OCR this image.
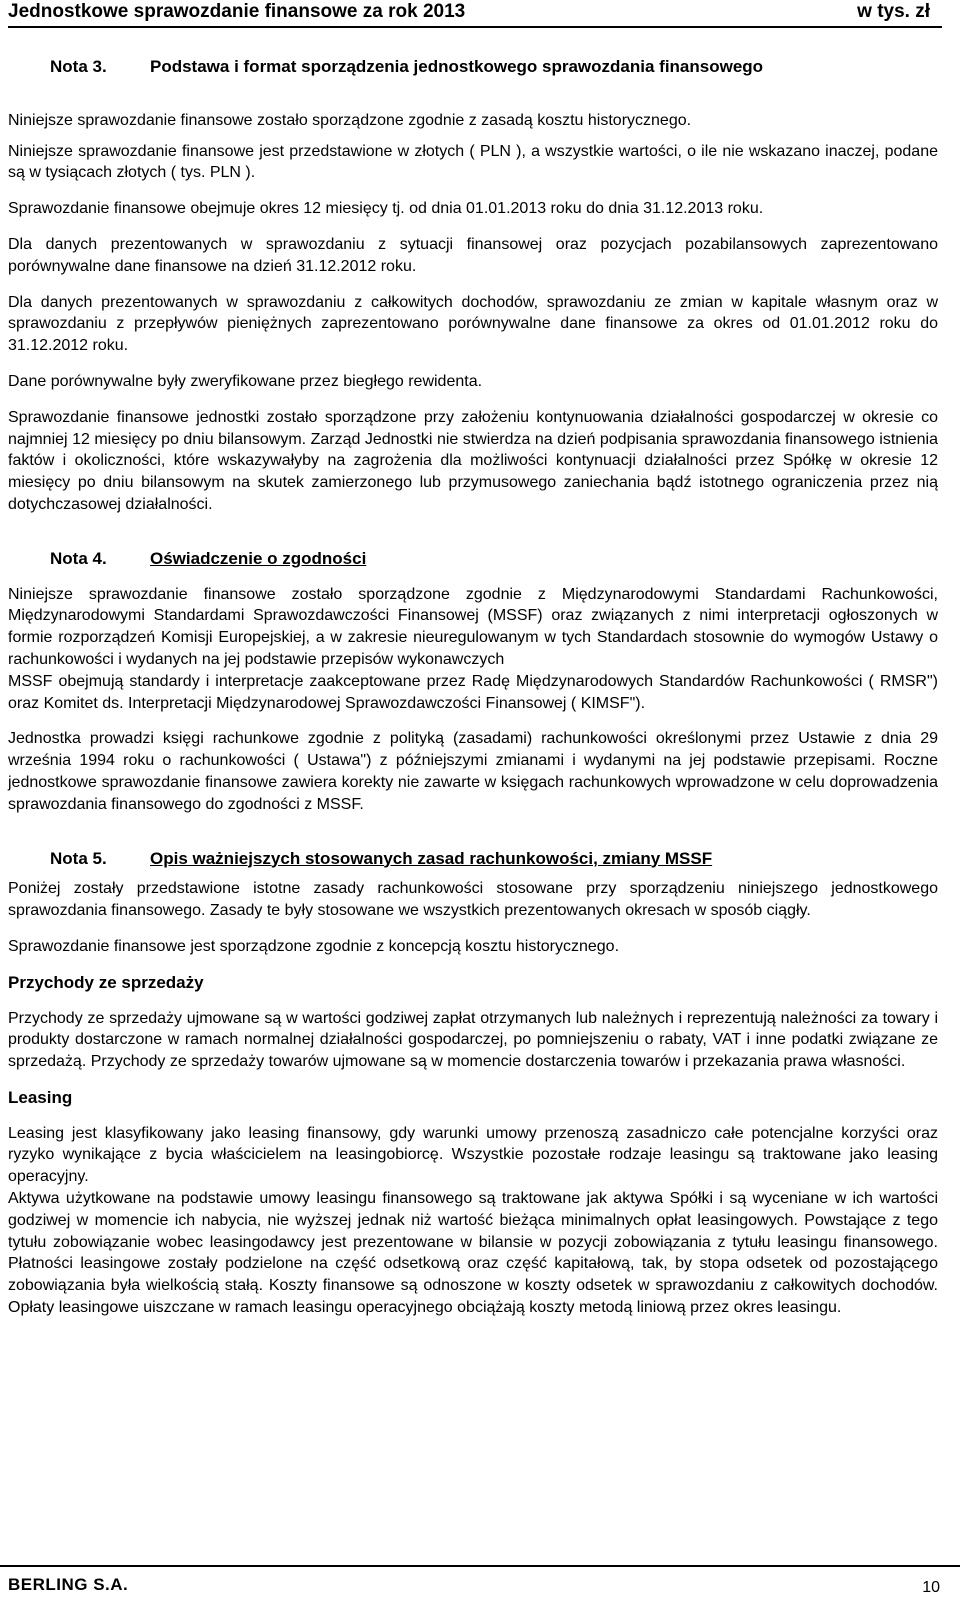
Jednostkowe sprawozdanie finansowe za rok 2013	w tys. zł
Nota 3.	Podstawa i format sporządzenia jednostkowego sprawozdania finansowego

Niniejsze sprawozdanie finansowe zostało sporządzone zgodnie z zasadą kosztu historycznego.

Niniejsze sprawozdanie finansowe jest przedstawione w złotych ( PLN ), a wszystkie wartości, o ile nie wskazano inaczej, podane są w tysiącach złotych ( tys. PLN ).

Sprawozdanie finansowe obejmuje okres 12 miesięcy tj. od dnia 01.01.2013 roku do dnia 31.12.2013 roku.

Dla danych prezentowanych w sprawozdaniu z sytuacji finansowej oraz pozycjach pozabilansowych zaprezentowano porównywalne dane finansowe na dzień 31.12.2012 roku.

Dla danych prezentowanych w sprawozdaniu z całkowitych dochodów, sprawozdaniu ze zmian w kapitale własnym oraz w sprawozdaniu z przepływów pieniężnych zaprezentowano porównywalne dane finansowe za okres od 01.01.2012 roku do 31.12.2012 roku.

Dane porównywalne były zweryfikowane przez biegłego rewidenta.

Sprawozdanie finansowe jednostki zostało sporządzone przy założeniu kontynuowania działalności gospodarczej w okresie co najmniej 12 miesięcy po dniu bilansowym. Zarząd Jednostki nie stwierdza na dzień podpisania sprawozdania finansowego istnienia faktów i okoliczności, które wskazywałyby na zagrożenia dla możliwości kontynuacji działalności przez Spółkę w okresie 12 miesięcy po dniu bilansowym na skutek zamierzonego lub przymusowego zaniechania bądź istotnego ograniczenia przez nią dotychczasowej działalności.

Nota 4.	Oświadczenie o zgodności

Niniejsze sprawozdanie finansowe zostało sporządzone zgodnie z Międzynarodowymi Standardami Rachunkowości, Międzynarodowymi Standardami Sprawozdawczości Finansowej (MSSF) oraz związanych z nimi interpretacji ogłoszonych w formie rozporządzeń Komisji Europejskiej, a w zakresie nieuregulowanym w tych Standardach stosownie do wymogów Ustawy o rachunkowości i wydanych na jej podstawie przepisów wykonawczych

MSSF obejmują standardy i interpretacje zaakceptowane przez Radę Międzynarodowych Standardów Rachunkowości ( RMSR") oraz Komitet ds. Interpretacji Międzynarodowej Sprawozdawczości Finansowej ( KIMSF").

Jednostka prowadzi księgi rachunkowe zgodnie z polityką (zasadami) rachunkowości określonymi przez Ustawie z dnia 29 września 1994 roku o rachunkowości ( Ustawa") z późniejszymi zmianami i wydanymi na jej podstawie przepisami. Roczne jednostkowe sprawozdanie finansowe zawiera korekty nie zawarte w księgach rachunkowych wprowadzone w celu doprowadzenia sprawozdania finansowego do zgodności z MSSF.

Nota 5.	Opis ważniejszych stosowanych zasad rachunkowości, zmiany MSSF

Poniżej zostały przedstawione istotne zasady rachunkowości stosowane przy sporządzeniu niniejszego jednostkowego sprawozdania finansowego. Zasady te były stosowane we wszystkich prezentowanych okresach w sposób ciągły.

Sprawozdanie finansowe jest sporządzone zgodnie z koncepcją kosztu historycznego.

Przychody ze sprzedaży

Przychody ze sprzedaży ujmowane są w wartości godziwej zapłat otrzymanych lub należnych i reprezentują należności za towary i produkty dostarczone w ramach normalnej działalności gospodarczej, po pomniejszeniu o rabaty, VAT i inne podatki związane ze sprzedażą. Przychody ze sprzedaży towarów ujmowane są w momencie dostarczenia towarów i przekazania prawa własności.

Leasing

Leasing jest klasyfikowany jako leasing finansowy, gdy warunki umowy przenoszą zasadniczo całe potencjalne korzyści oraz ryzyko wynikające z bycia właścicielem na leasingobiorcę. Wszystkie pozostałe rodzaje leasingu są traktowane jako leasing operacyjny.

Aktywa użytkowane na podstawie umowy leasingu finansowego są traktowane jak aktywa Spółki i są wyceniane w ich wartości godziwej w momencie ich nabycia, nie wyższej jednak niż wartość bieżąca minimalnych opłat leasingowych. Powstające z tego tytułu zobowiązanie wobec leasingodawcy jest prezentowane w bilansie w pozycji zobowiązania z tytułu leasingu finansowego. Płatności leasingowe zostały podzielone na część odsetkową oraz część kapitałową, tak, by stopa odsetek od pozostającego zobowiązania była wielkością stałą. Koszty finansowe są odnoszone w koszty odsetek w sprawozdaniu z całkowitych dochodów. Opłaty leasingowe uiszczane w ramach leasingu operacyjnego obciążają koszty metodą liniową przez okres leasingu.

BERLING S.A.	10
